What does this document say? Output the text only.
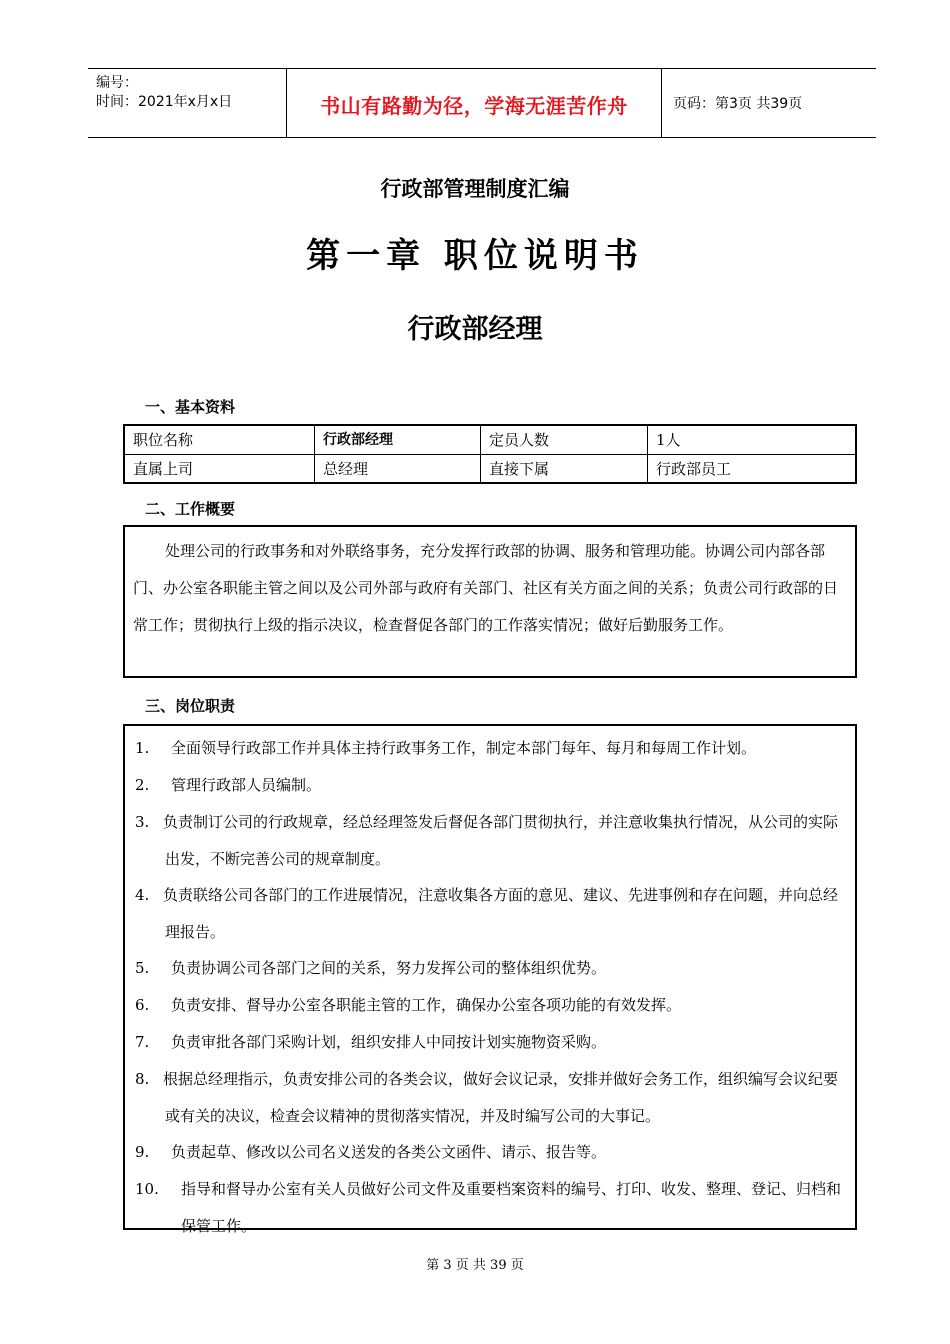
编号：
时间：2021年x月x日	书山有路勤为径，学海无涯苦作舟	页码：第3页 共39页
行政部管理制度汇编
第一章 职位说明书
行政部经理
一、基本资料
职位名称	行政部经理	定员人数	1人
直属上司	总经理	直接下属	行政部员工
二、工作概要
处理公司的行政事务和对外联络事务，充分发挥行政部的协调、服务和管理功能。协调公司内部各部门、办公室各职能主管之间以及公司外部与政府有关部门、社区有关方面之间的关系；负责公司行政部的日常工作；贯彻执行上级的指示决议，检查督促各部门的工作落实情况；做好后勤服务工作。
三、岗位职责
1.	全面领导行政部工作并具体主持行政事务工作，制定本部门每年、每月和每周工作计划。
2.	管理行政部人员编制。
3. 负责制订公司的行政规章，经总经理签发后督促各部门贯彻执行，并注意收集执行情况，从公司的实际出发，不断完善公司的规章制度。
4. 负责联络公司各部门的工作进展情况，注意收集各方面的意见、建议、先进事例和存在问题，并向总经理报告。
5.	负责协调公司各部门之间的关系，努力发挥公司的整体组织优势。
6.	负责安排、督导办公室各职能主管的工作，确保办公室各项功能的有效发挥。
7.	负责审批各部门采购计划，组织安排人中同按计划实施物资采购。
8. 根据总经理指示，负责安排公司的各类会议，做好会议记录，安排并做好会务工作，组织编写会议纪要或有关的决议，检查会议精神的贯彻落实情况，并及时编写公司的大事记。
9.	负责起草、修改以公司名义送发的各类公文函件、请示、报告等。
10.	指导和督导办公室有关人员做好公司文件及重要档案资料的编号、打印、收发、整理、登记、归档和保管工作。
第 3 页 共 39 页
